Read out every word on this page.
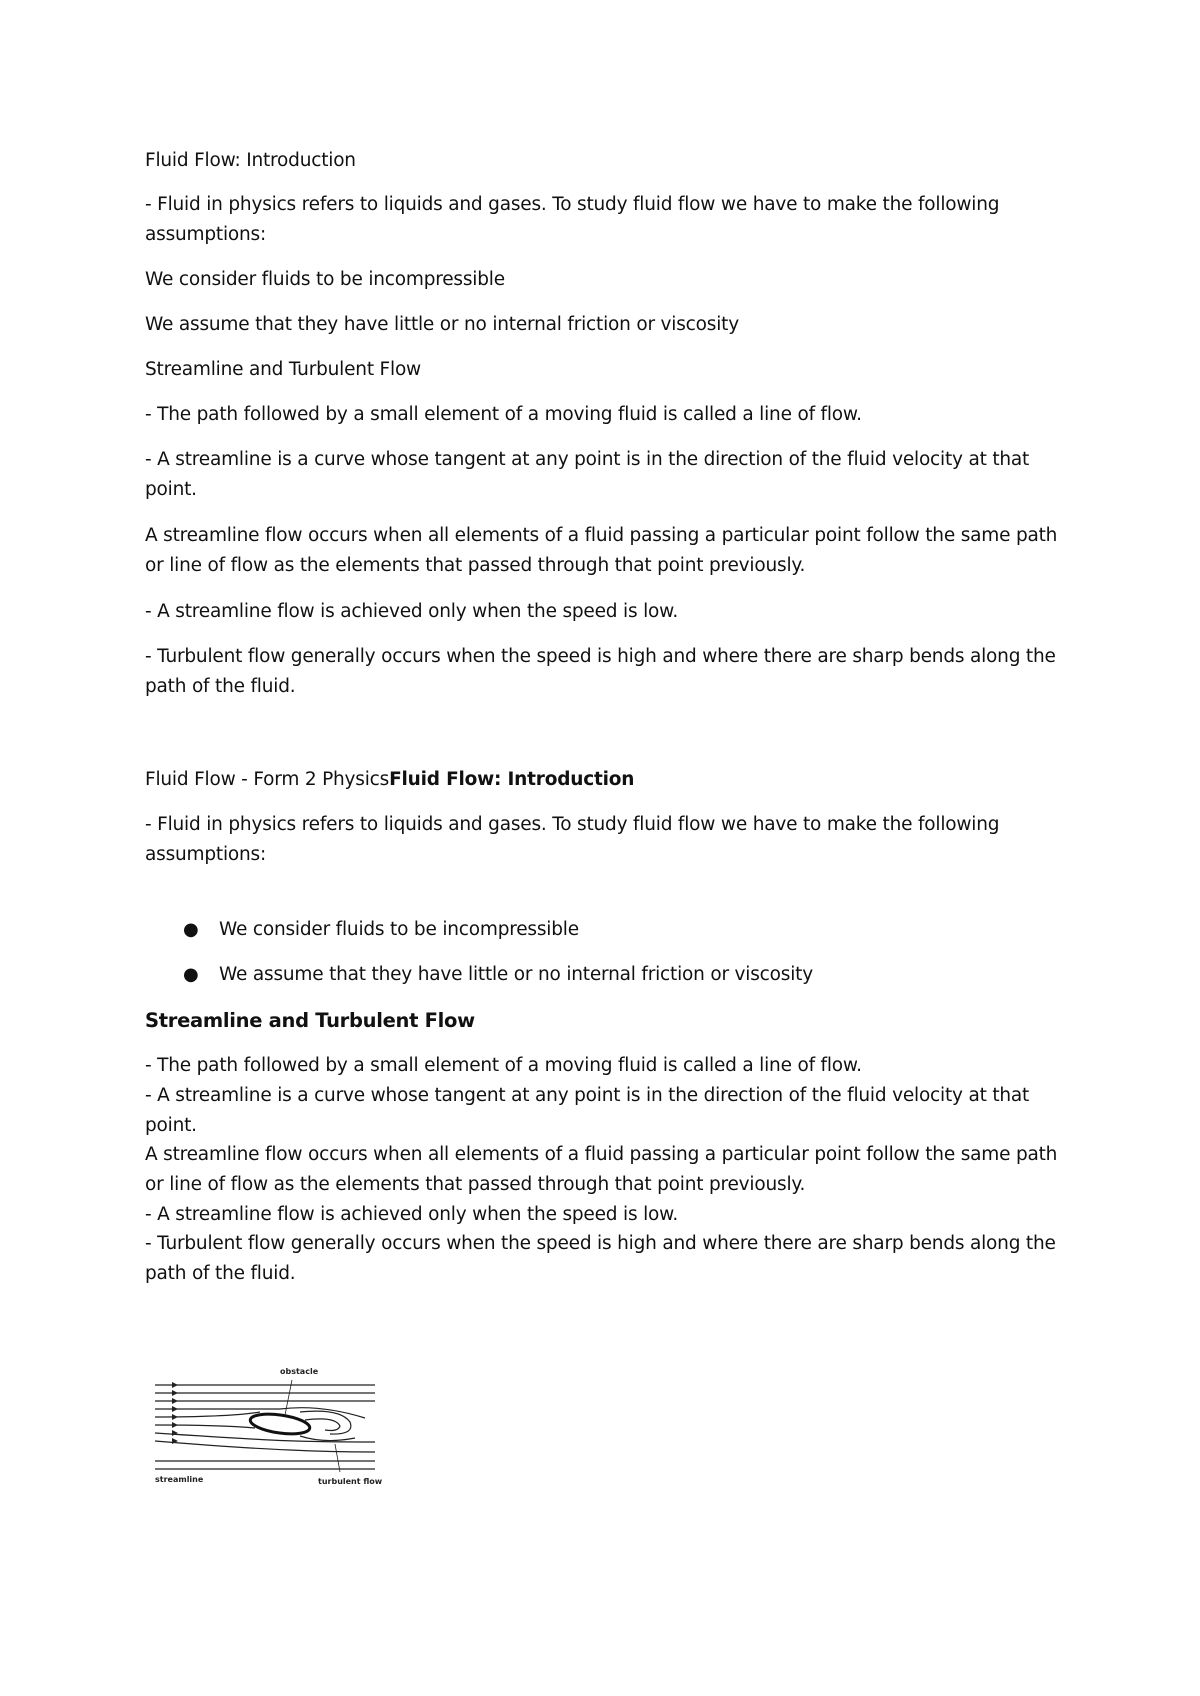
Fluid Flow: Introduction

- Fluid in physics refers to liquids and gases. To study fluid flow we have to make the following assumptions:

We consider fluids to be incompressible

We assume that they have little or no internal friction or viscosity

Streamline and Turbulent Flow

- The path followed by a small element of a moving fluid is called a line of flow.

- A streamline is a curve whose tangent at any point is in the direction of the fluid velocity at that point.

A streamline flow occurs when all elements of a fluid passing a particular point follow the same path or line of flow as the elements that passed through that point previously.

- A streamline flow is achieved only when the speed is low.

- Turbulent flow generally occurs when the speed is high and where there are sharp bends along the path of the fluid.

Fluid Flow - Form 2 PhysicsFluid Flow: Introduction

- Fluid in physics refers to liquids and gases. To study fluid flow we have to make the following assumptions:

● We consider fluids to be incompressible
● We assume that they have little or no internal friction or viscosity
Streamline and Turbulent Flow

- The path followed by a small element of a moving fluid is called a line of flow.

- A streamline is a curve whose tangent at any point is in the direction of the fluid velocity at that point.

A streamline flow occurs when all elements of a fluid passing a particular point follow the same path or line of flow as the elements that passed through that point previously.

- A streamline flow is achieved only when the speed is low.

- Turbulent flow generally occurs when the speed is high and where there are sharp bends along the path of the fluid.

obstacle
streamline	turbulent flow
